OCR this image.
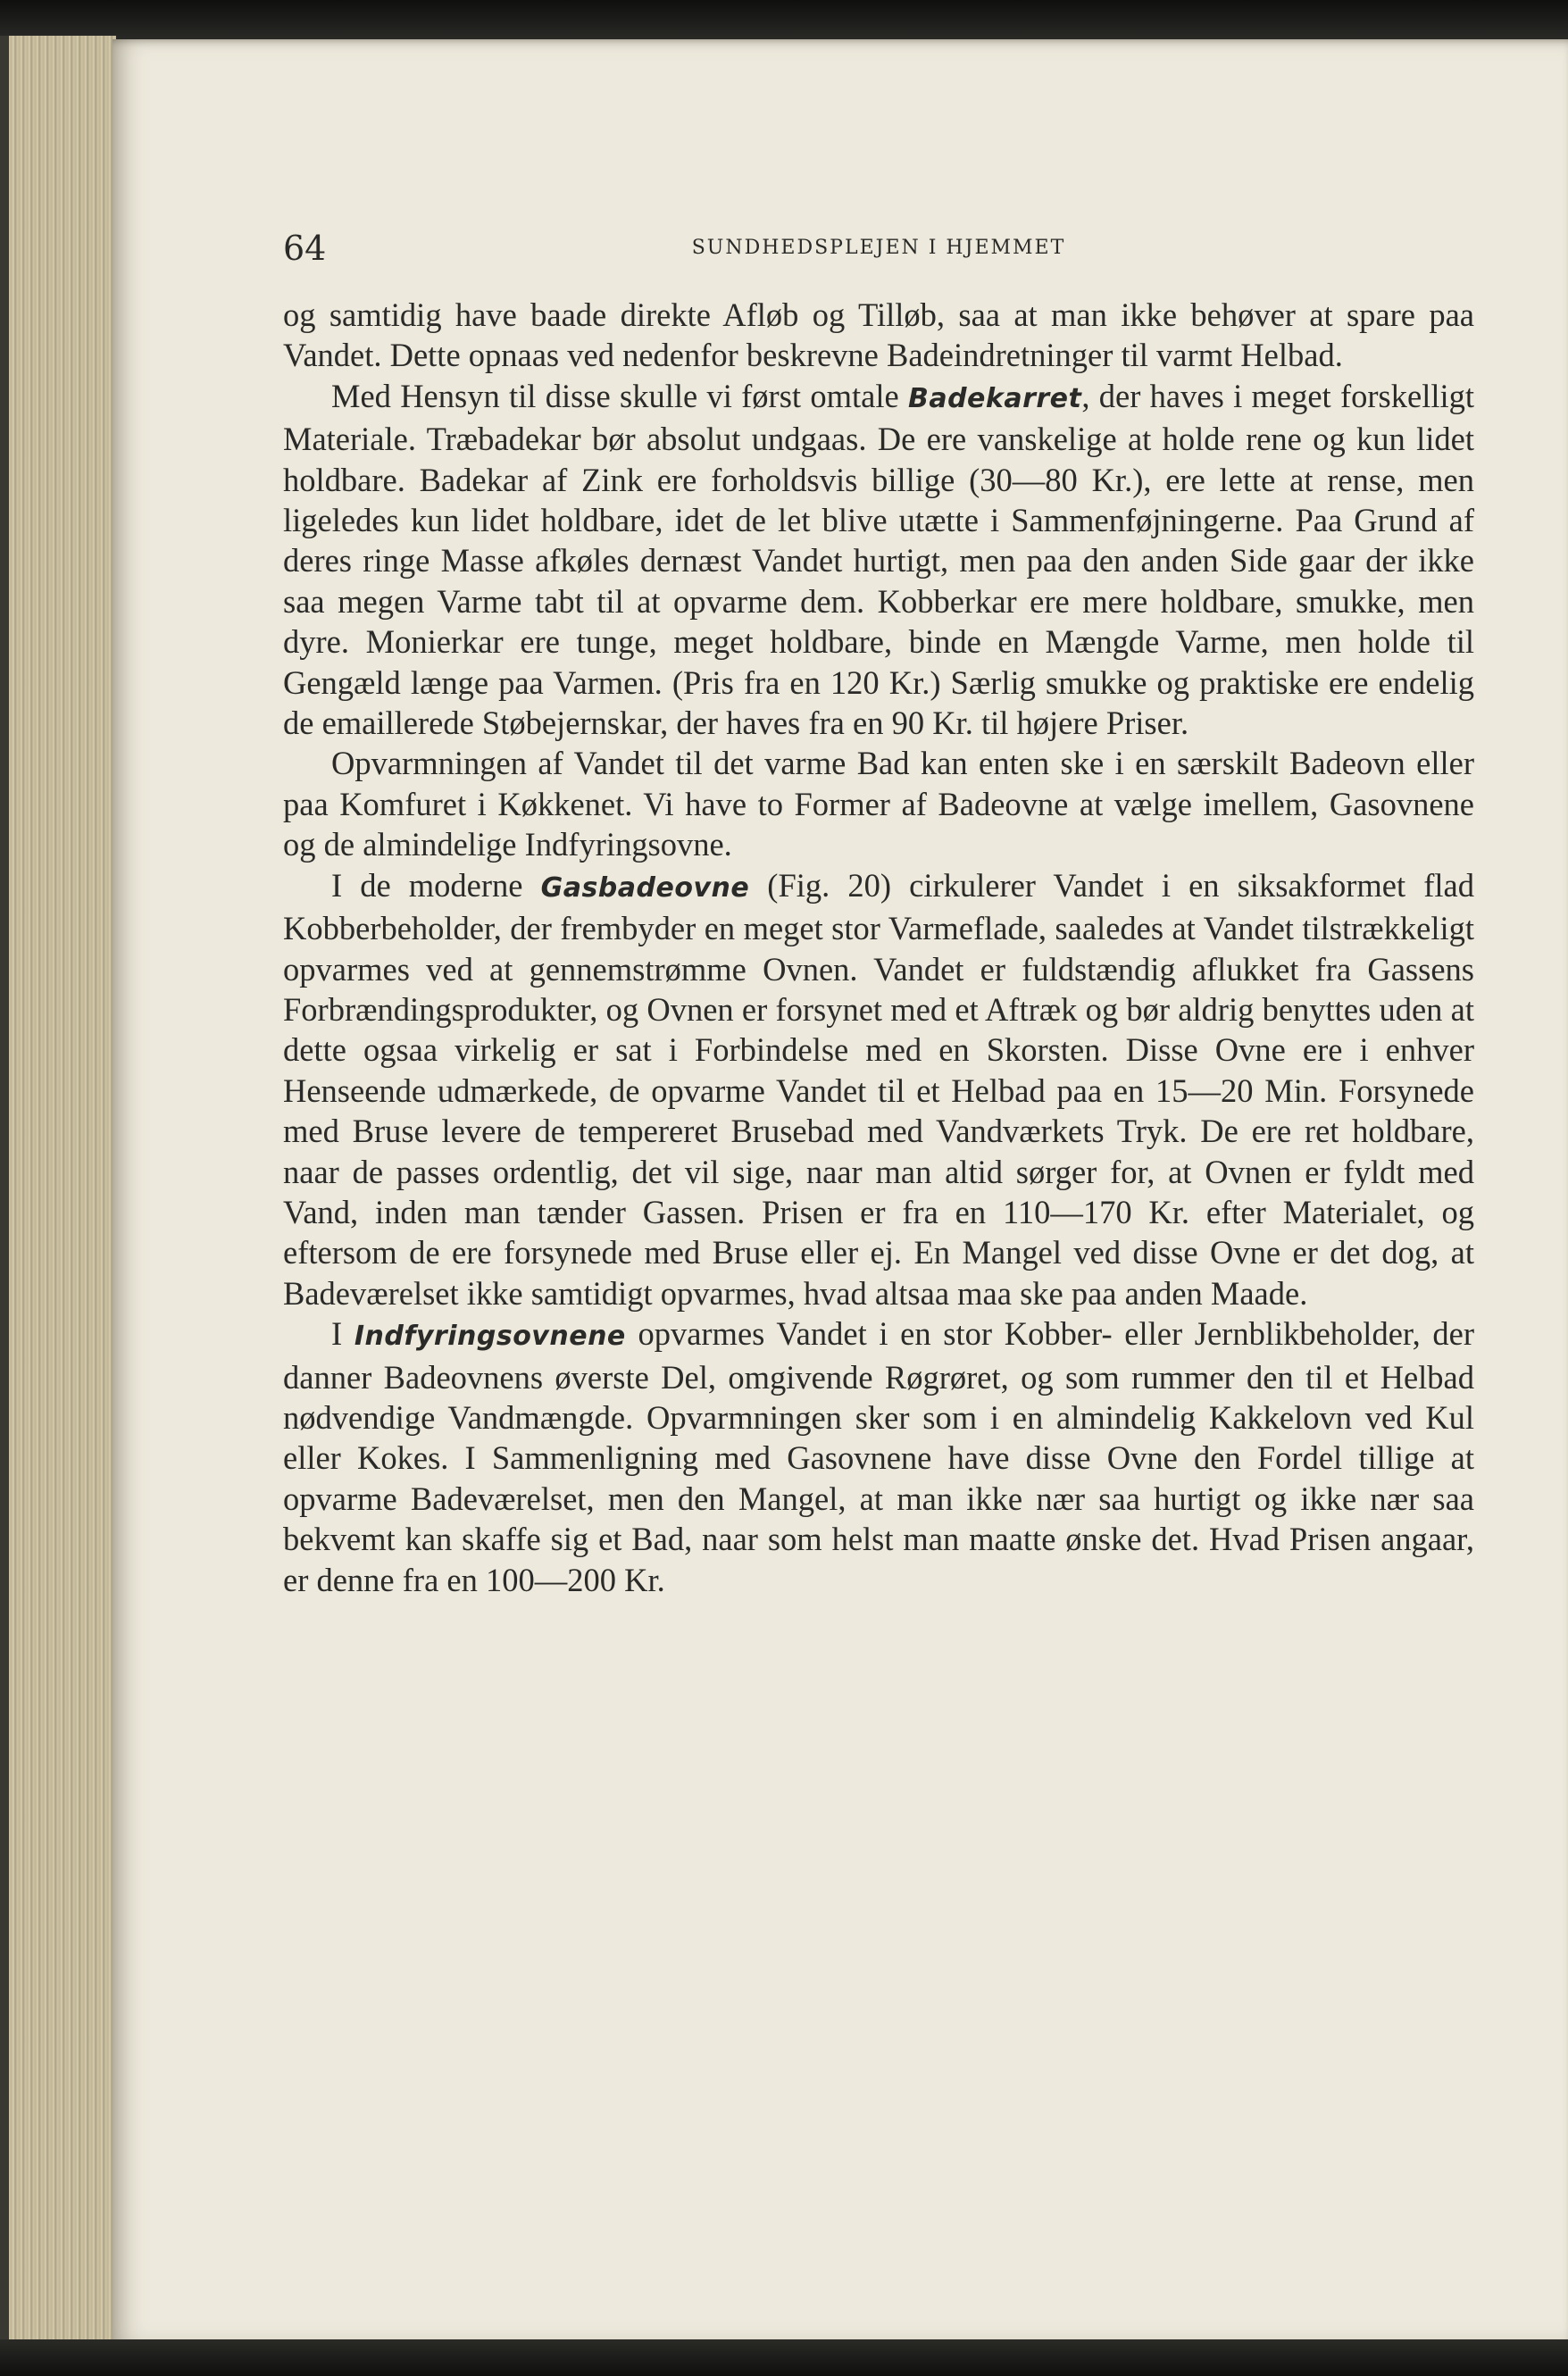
64	SUNDHEDSPLEJEN I HJEMMET

og samtidig have baade direkte Afløb og Tilløb, saa at man ikke behøver at spare paa Vandet. Dette opnaas ved nedenfor beskrevne Badeindretninger til varmt Helbad.

Med Hensyn til disse skulle vi først omtale Badekarret, der haves i meget forskelligt Materiale. Træbadekar bør absolut undgaas. De ere vanskelige at holde rene og kun lidet holdbare. Badekar af Zink ere forholdsvis billige (30—80 Kr.), ere lette at rense, men ligeledes kun lidet holdbare, idet de let blive utætte i Sammenføjningerne. Paa Grund af deres ringe Masse afkøles dernæst Vandet hurtigt, men paa den anden Side gaar der ikke saa megen Varme tabt til at opvarme dem. Kobberkar ere mere holdbare, smukke, men dyre. Monierkar ere tunge, meget holdbare, binde en Mængde Varme, men holde til Gengæld længe paa Varmen. (Pris fra en 120 Kr.) Særlig smukke og praktiske ere endelig de emaillerede Støbejernskar, der haves fra en 90 Kr. til højere Priser.

Opvarmningen af Vandet til det varme Bad kan enten ske i en særskilt Badeovn eller paa Komfuret i Køkkenet. Vi have to Former af Badeovne at vælge imellem, Gasovnene og de almindelige Indfyringsovne.

I de moderne Gasbadeovne (Fig. 20) cirkulerer Vandet i en siksakformet flad Kobberbeholder, der frembyder en meget stor Varmeflade, saaledes at Vandet tilstrækkeligt opvarmes ved at gennemstrømme Ovnen. Vandet er fuldstændig aflukket fra Gassens Forbrændingsprodukter, og Ovnen er forsynet med et Aftræk og bør aldrig benyttes uden at dette ogsaa virkelig er sat i Forbindelse med en Skorsten. Disse Ovne ere i enhver Henseende udmærkede, de opvarme Vandet til et Helbad paa en 15—20 Min. Forsynede med Bruse levere de tempereret Brusebad med Vandværkets Tryk. De ere ret holdbare, naar de passes ordentlig, det vil sige, naar man altid sørger for, at Ovnen er fyldt med Vand, inden man tænder Gassen. Prisen er fra en 110—170 Kr. efter Materialet, og eftersom de ere forsynede med Bruse eller ej. En Mangel ved disse Ovne er det dog, at Badeværelset ikke samtidigt opvarmes, hvad altsaa maa ske paa anden Maade.

I Indfyringsovnene opvarmes Vandet i en stor Kobber- eller Jernblikbeholder, der danner Badeovnens øverste Del, omgivende Røgrøret, og som rummer den til et Helbad nødvendige Vandmængde. Opvarmningen sker som i en almindelig Kakkelovn ved Kul eller Kokes. I Sammenligning med Gasovnene have disse Ovne den Fordel tillige at opvarme Badeværelset, men den Mangel, at man ikke nær saa hurtigt og ikke nær saa bekvemt kan skaffe sig et Bad, naar som helst man maatte ønske det. Hvad Prisen angaar, er denne fra en 100—200 Kr.
